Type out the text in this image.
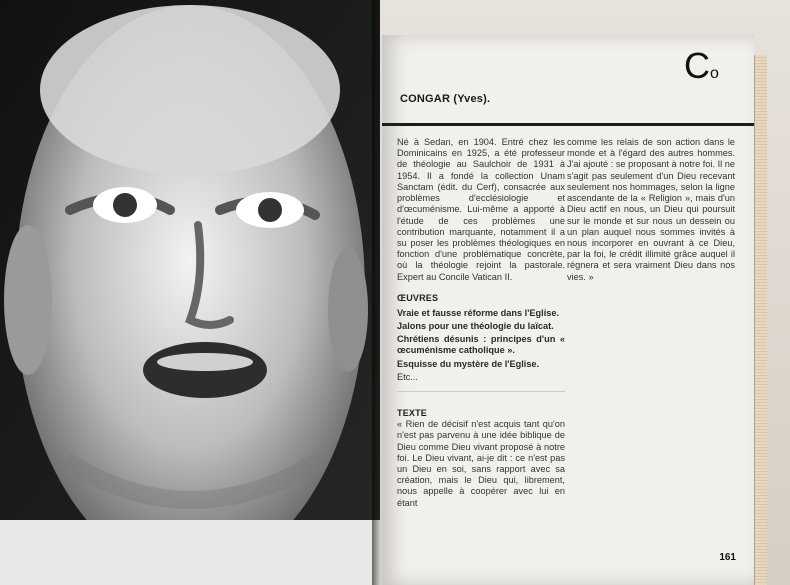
Co
CONGAR (Yves).
Né à Sedan, en 1904. Entré chez les Dominicains en 1925, a été professeur de théologie au Saulchoir de 1931 à 1954. Il a fondé la collection Unam Sanctam (édit. du Cerf), consacrée aux problèmes d'ecclésiologie et d'œcuménisme. Lui-même a apporté à l'étude de ces problèmes une contribution marquante, notamment il a su poser les problèmes théologiques en fonction d'une problématique concrète, où la théologie rejoint la pastorale. Expert au Concile Vatican II.
ŒUVRES
Vraie et fausse réforme dans l'Eglise.
Jalons pour une théologie du laïcat.
Chrétiens désunis : principes d'un « œcuménisme catholique ».
Esquisse du mystère de l'Eglise.
Etc...
TEXTE
« Rien de décisif n'est acquis tant qu'on n'est pas parvenu à une idée biblique de Dieu comme Dieu vivant proposé à notre foi. Le Dieu vivant, ai-je dit : ce n'est pas un Dieu en soi, sans rapport avec sa création, mais le Dieu qui, librement, nous appelle à coopérer avec lui en étant
comme les relais de son action dans le monde et à l'égard des autres hommes. J'ai ajouté : se proposant à notre foi. Il ne s'agit pas seulement d'un Dieu recevant seulement nos hommages, selon la ligne ascendante de la « Religion », mais d'un Dieu actif en nous, un Dieu qui poursuit sur le monde et sur nous un dessein ou un plan auquel nous sommes invités à nous incorporer en ouvrant à ce Dieu, par la foi, le crédit illimité grâce auquel il régnera et sera vraiment Dieu dans nos vies. »
161
